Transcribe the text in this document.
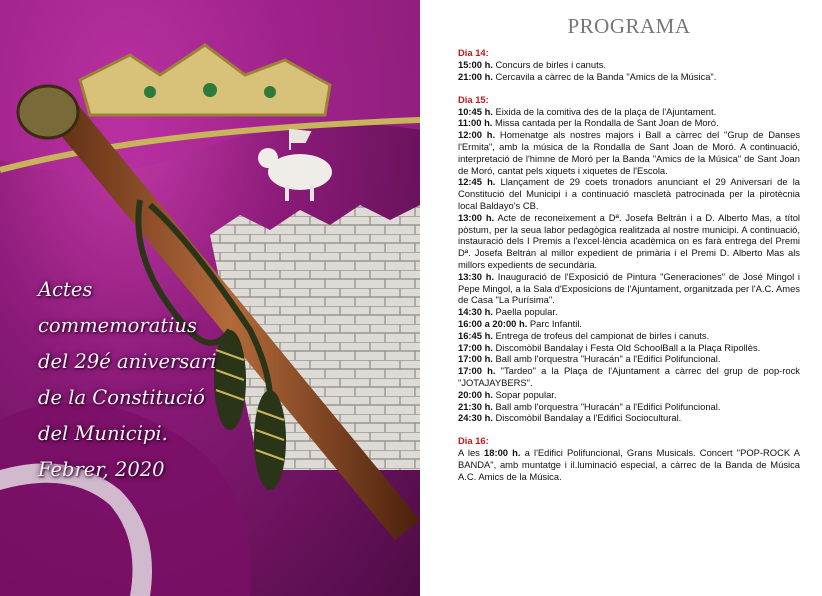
Actes
commemoratius
del 29é aniversari
de la Constitució
del Municipi.
Febrer, 2020
PROGRAMA
Dia 14:
15:00 h. Concurs de birles i canuts.
21:00 h. Cercavila a càrrec de la Banda "Amics de la Música".
Dia 15:
10:45 h. Eixida de la comitiva des de la plaça de l'Ajuntament.
11:00 h. Missa cantada per la Rondalla de Sant Joan de Moró.
12:00 h. Homenatge als nostres majors i Ball a càrrec del "Grup de Danses l'Ermita", amb la música de la Rondalla de Sant Joan de Moró. A continuació, interpretació de l'himne de Moró per la Banda "Amics de la Música" de Sant Joan de Moró, cantat pels xiquets i xiquetes de l'Escola.
12:45 h. Llançament de 29 coets tronadors anunciant el 29 Aniversari de la Constitució del Municipi i a continuació mascletà patrocinada per la pirotècnia local Baldayo's CB.
13:00 h. Acte de reconeixement a Dª. Josefa Beltrán i a D. Alberto Mas, a títol pòstum, per la seua labor pedagògica realitzada al nostre municipi. A continuació, instauració dels I Premis a l'excel·lència acadèmica on es farà entrega del Premi Dª. Josefa Beltrán al millor expedient de primària i el Premi D. Alberto Mas als millors expedients de secundària.
13:30 h. Inauguració de l'Exposició de Pintura "Generaciones" de José Mingol i Pepe Mingol, a la Sala d'Exposicions de l'Ajuntament, organitzada per l'A.C. Ames de Casa "La Purísima".
14:30 h. Paella popular.
16:00 a 20:00 h. Parc Infantil.
16:45 h. Entrega de trofeus del campionat de birles i canuts.
17:00 h. Discomòbil Bandalay i Festa Old SchoolBall a la Plaça Ripollès.
17:00 h. Ball amb l'orquestra "Huracán" a l'Edifici Polifuncional.
17:00 h. "Tardeo" a la Plaça de l'Ajuntament a càrrec del grup de pop-rock "JOTAJAYBERS".
20:00 h. Sopar popular.
21:30 h. Ball amb l'orquestra "Huracán" a l'Edifici Polifuncional.
24:30 h. Discomòbil Bandalay a l'Edifici Sociocultural.
Dia 16:
A les 18:00 h. a l'Edifici Polifuncional, Grans Musicals. Concert "POP-ROCK A BANDA", amb muntatge i il.luminació especial, a càrrec de la Banda de Música A.C. Amics de la Música.
